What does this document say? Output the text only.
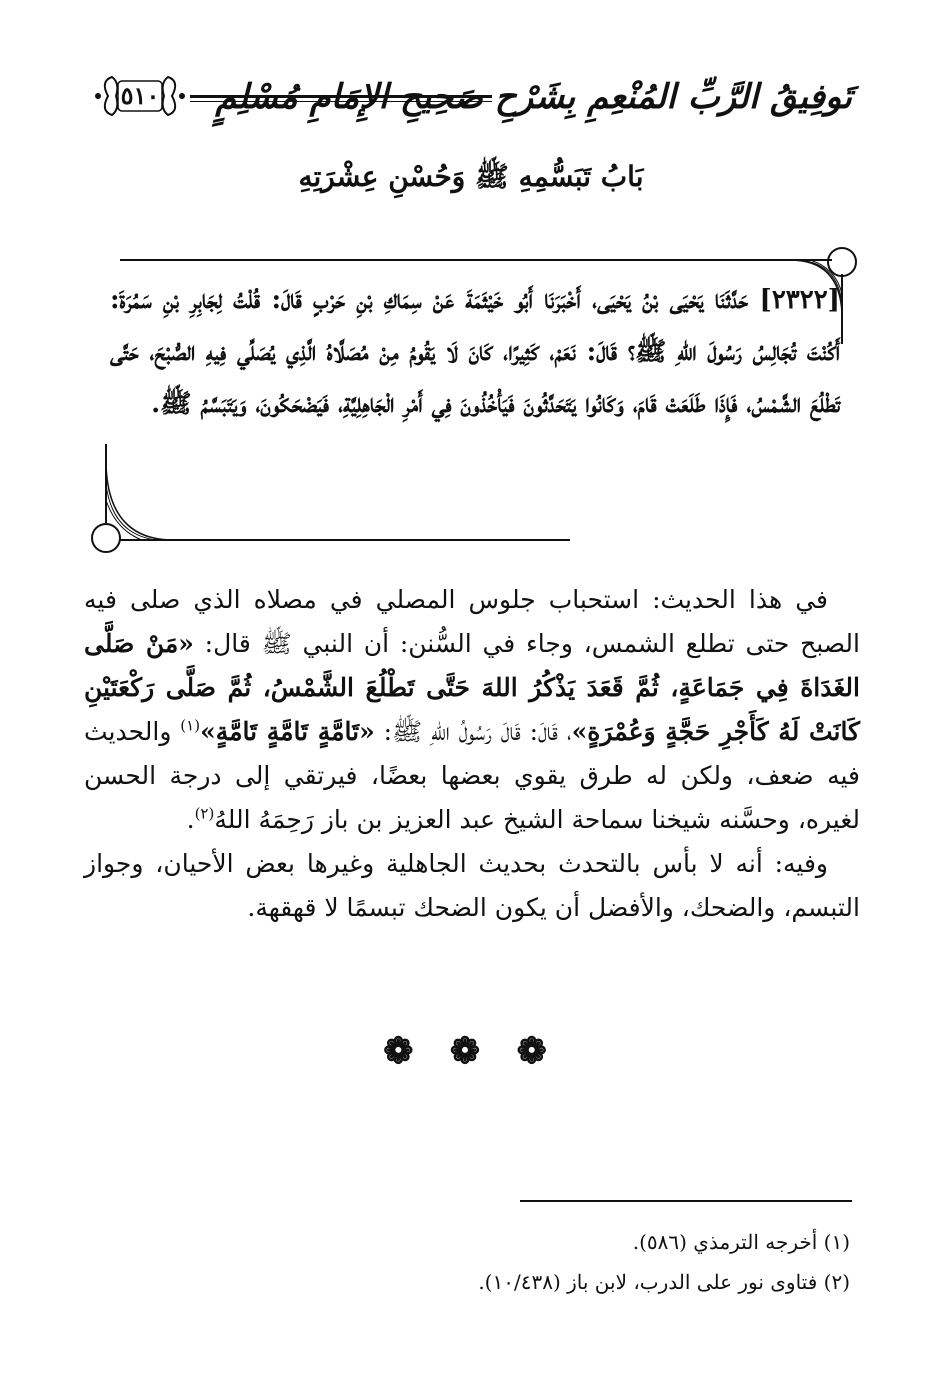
٥١٠	تَوفِيقُ الرَّبِّ المُنْعِمِ بِشَرْحِ صَحِيحِ الإِمَامِ مُسْلِمٍ
بَابُ تَبَسُّمِهِ ﷺ وَحُسْنِ عِشْرَتِهِ
[٢٣٢٢] حَدَّثَنَا يَحْيَى بْنُ يَحْيَى، أَخْبَرَنَا أَبُو خَيْثَمَةَ عَنْ سِمَاكِ بْنِ حَرْبٍ قَالَ: قُلْتُ لِجَابِرِ بْنِ سَمُرَةَ: أَكُنْتَ تُجَالِسُ رَسُولَ اللهِ ﷺ؟ قَالَ: نَعَمْ، كَثِيرًا، كَانَ لَا يَقُومُ مِنْ مُصَلَّاهُ الَّذِي يُصَلِّي فِيهِ الصُّبْحَ، حَتَّى تَطْلُعَ الشَّمْسُ، فَإِذَا طَلَعَتْ قَامَ، وَكَانُوا يَتَحَدَّثُونَ فَيَأْخُذُونَ فِي أَمْرِ الْجَاهِلِيَّةِ، فَيَضْحَكُونَ، وَيَتَبَسَّمُ ﷺ.

في هذا الحديث: استحباب جلوس المصلي في مصلاه الذي صلى فيه الصبح حتى تطلع الشمس، وجاء في السُّنن: أن النبي ﷺ قال: «مَنْ صَلَّى الغَدَاةَ فِي جَمَاعَةٍ، ثُمَّ قَعَدَ يَذْكُرُ اللهَ حَتَّى تَطْلُعَ الشَّمْسُ، ثُمَّ صَلَّى رَكْعَتَيْنِ كَانَتْ لَهُ كَأَجْرِ حَجَّةٍ وَعُمْرَةٍ»، قَالَ: قَالَ رَسُولُ اللهِ ﷺ: «تَامَّةٍ تَامَّةٍ تَامَّةٍ»$^{(١)}$ والحديث فيه ضعف، ولكن له طرق يقوي بعضها بعضًا، فيرتقي إلى درجة الحسن لغيره، وحسَّنه شيخنا سماحة الشيخ عبد العزيز بن باز رَحِمَهُ اللهُ$^{(٢)}$.

وفيه: أنه لا بأس بالتحدث بحديث الجاهلية وغيرها بعض الأحيان، وجواز التبسم، والضحك، والأفضل أن يكون الضحك تبسمًا لا قهقهة.

❁ ❁ ❁
(١) أخرجه الترمذي (٥٨٦).
(٢) فتاوى نور على الدرب، لابن باز (١٠/٤٣٨).
